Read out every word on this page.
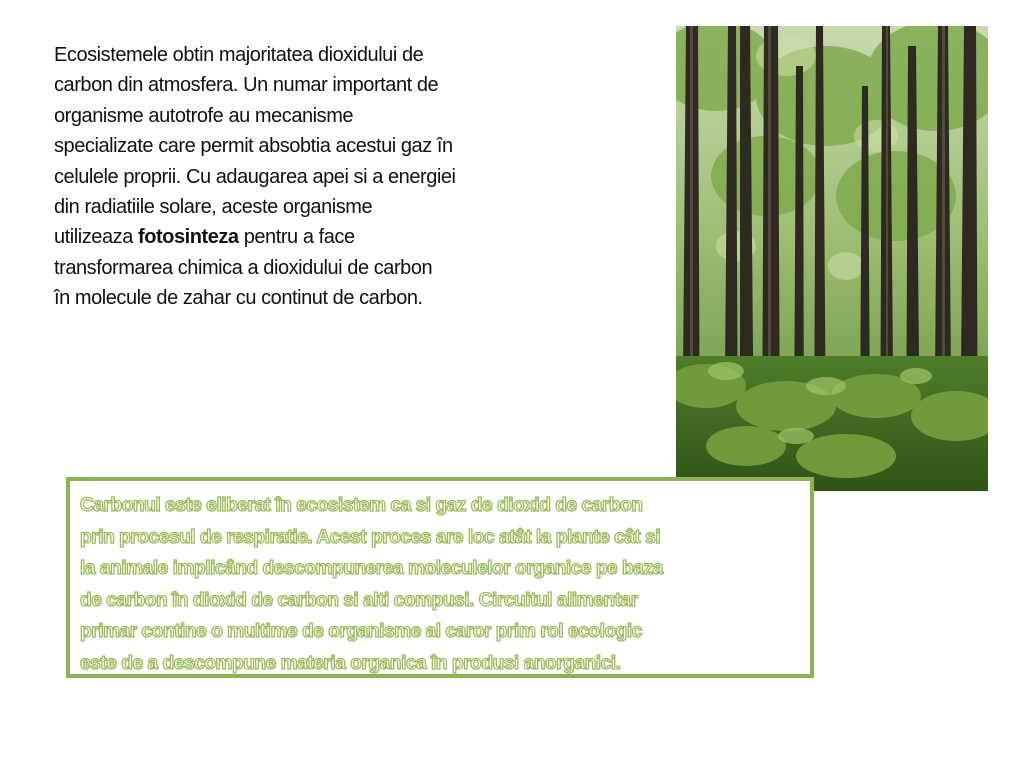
Ecosistemele obtin majoritatea dioxidului de
carbon din atmosfera. Un numar important de
organisme autotrofe au mecanisme
specializate care permit absobtia acestui gaz în
celulele proprii. Cu adaugarea apei si a energiei
din radiatiile solare, aceste organisme
utilizeaza fotosinteza pentru a face
transformarea chimica a dioxidului de carbon
în molecule de zahar cu continut de carbon.
Carbonul este eliberat în ecosistem ca si gaz de dioxid de carbon
prin procesul de respiratie. Acest proces are loc atât la plante cât si
la animale implicând descompunerea moleculelor organice pe baza
de carbon în dioxid de carbon si alti compusi. Circuitul alimentar
primar contine o multime de organisme al caror prim rol ecologic
este de a descompune materia organica în produsi anorganici.
